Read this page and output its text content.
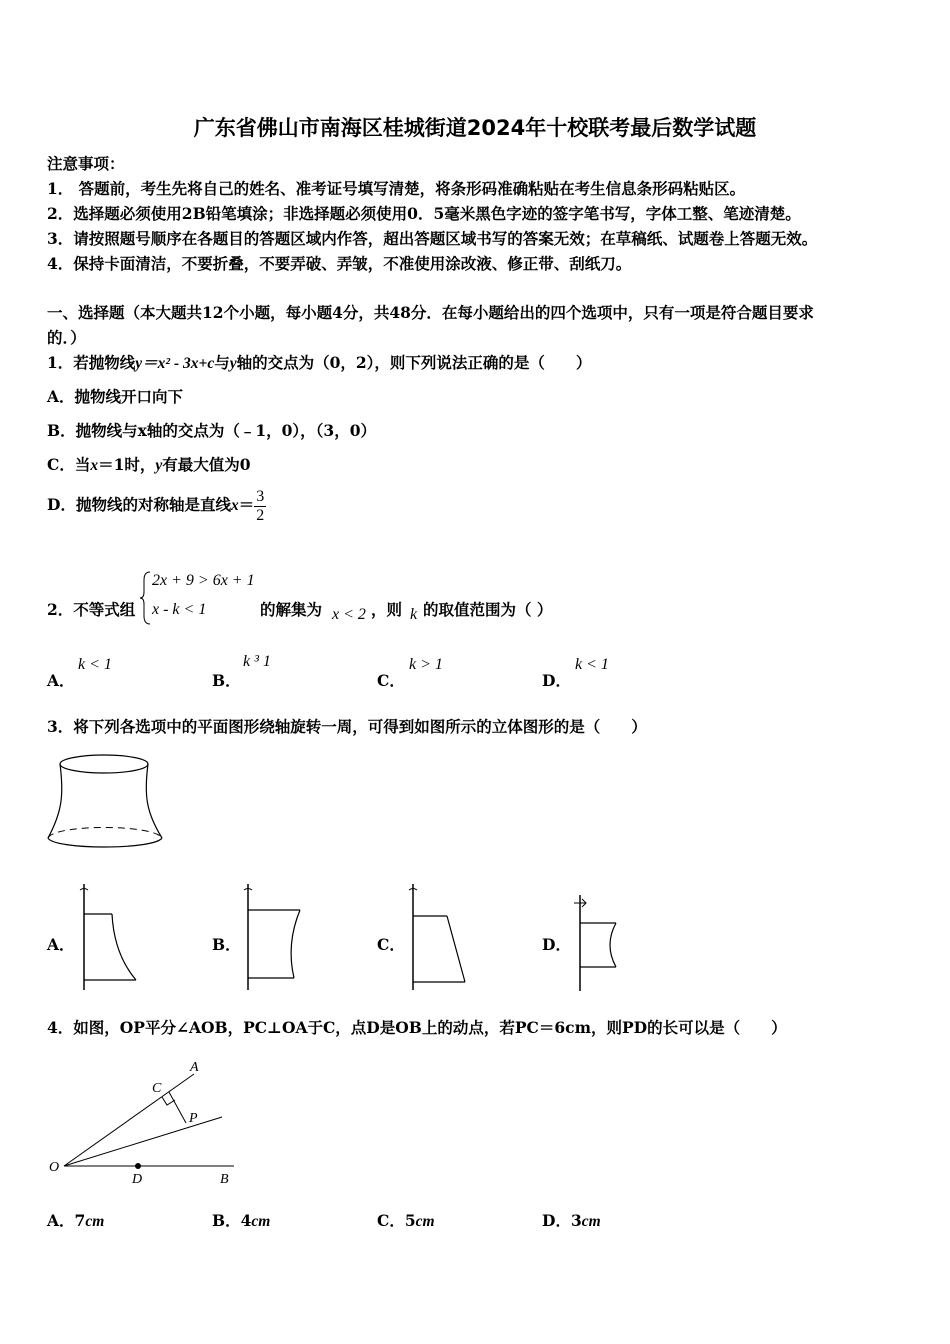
广东省佛山市南海区桂城街道2024年十校联考最后数学试题
注意事项：
1． 答题前，考生先将自己的姓名、准考证号填写清楚，将条形码准确粘贴在考生信息条形码粘贴区。
2．选择题必须使用2B铅笔填涂；非选择题必须使用0．5毫米黑色字迹的签字笔书写，字体工整、笔迹清楚。
3．请按照题号顺序在各题目的答题区域内作答，超出答题区域书写的答案无效；在草稿纸、试题卷上答题无效。
4．保持卡面清洁，不要折叠，不要弄破、弄皱，不准使用涂改液、修正带、刮纸刀。
一、选择题（本大题共12个小题，每小题4分，共48分．在每小题给出的四个选项中，只有一项是符合题目要求
的．）
1．若抛物线y＝x² - 3x+c与y轴的交点为（0，2），则下列说法正确的是（　　）
A．抛物线开口向下
B．抛物线与x轴的交点为（﹣1，0），（3，0）
C．当x＝1时，y有最大值为0
D．抛物线的对称轴是直线$x= \frac{3}{2}$
2．不等式组
2x + 9 > 6x + 1
x - k < 1	的解集为 x < 2 ，则 k 的取值范围为（ ）
A．
k < 1
B．
k ³ 1
C．
k > 1
D．
k < 1
3．将下列各选项中的平面图形绕轴旋转一周，可得到如图所示的立体图形的是（　　）
A．	B．	C．	D．
4．如图，OP平分∠AOB，PC⊥OA于C，点D是OB上的动点，若PC＝6cm，则PD的长可以是（　　）
A
C
P
O
D	B
A．7cm	B．4cm	C．5cm	D．3cm
